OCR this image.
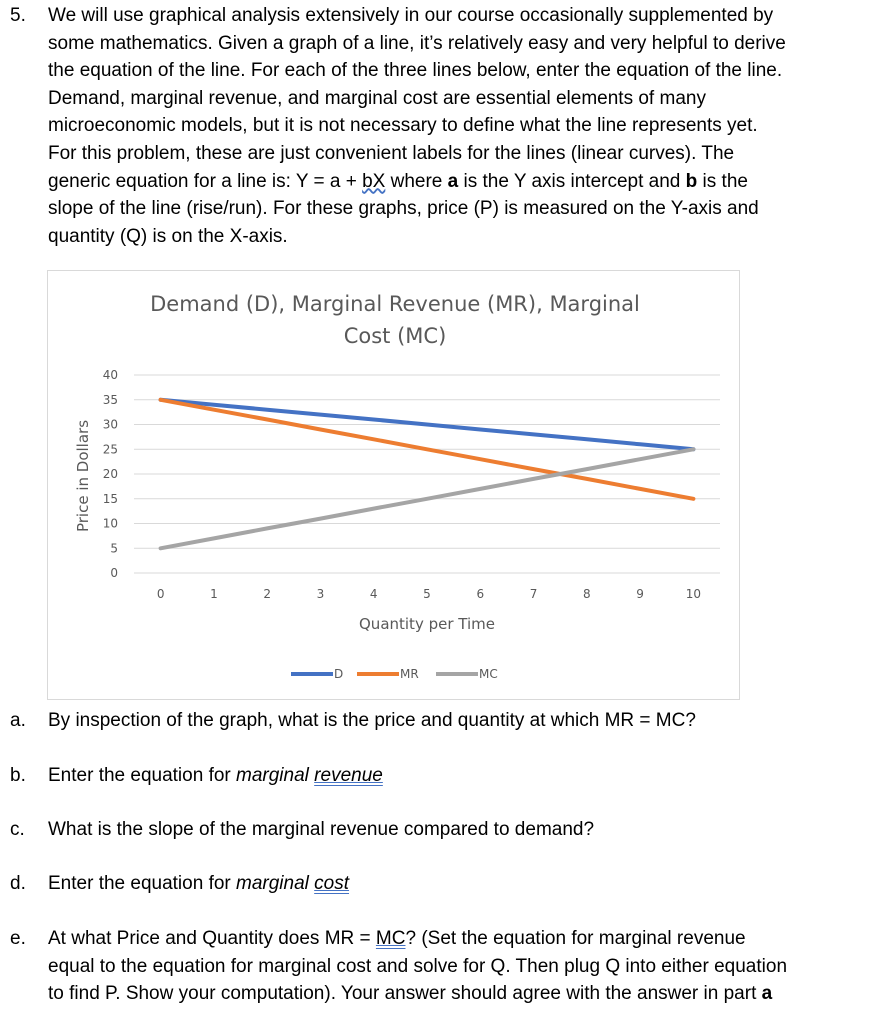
5. We will use graphical analysis extensively in our course occasionally supplemented by
some mathematics. Given a graph of a line, it’s relatively easy and very helpful to derive
the equation of the line. For each of the three lines below, enter the equation of the line.
Demand, marginal revenue, and marginal cost are essential elements of many
microeconomic models, but it is not necessary to define what the line represents yet.
For this problem, these are just convenient labels for the lines (linear curves). The
generic equation for a line is: Y = a + bX where a is the Y axis intercept and b is the
slope of the line (rise/run). For these graphs, price (P) is measured on the Y-axis and
quantity (Q) is on the X-axis.
Demand (D), Marginal Revenue (MR), Marginal
Cost (MC)
0
5
10
15
20
25
30
35
40
0	1	2	3	4	5	6	7	8	9	10
Price in Dollars
Quantity per Time
D	MR	MC
a. By inspection of the graph, what is the price and quantity at which MR = MC?
b. Enter the equation for marginal revenue
c. What is the slope of the marginal revenue compared to demand?
d. Enter the equation for marginal cost
e. At what Price and Quantity does MR = MC? (Set the equation for marginal revenue
equal to the equation for marginal cost and solve for Q. Then plug Q into either equation
to find P. Show your computation). Your answer should agree with the answer in part a
